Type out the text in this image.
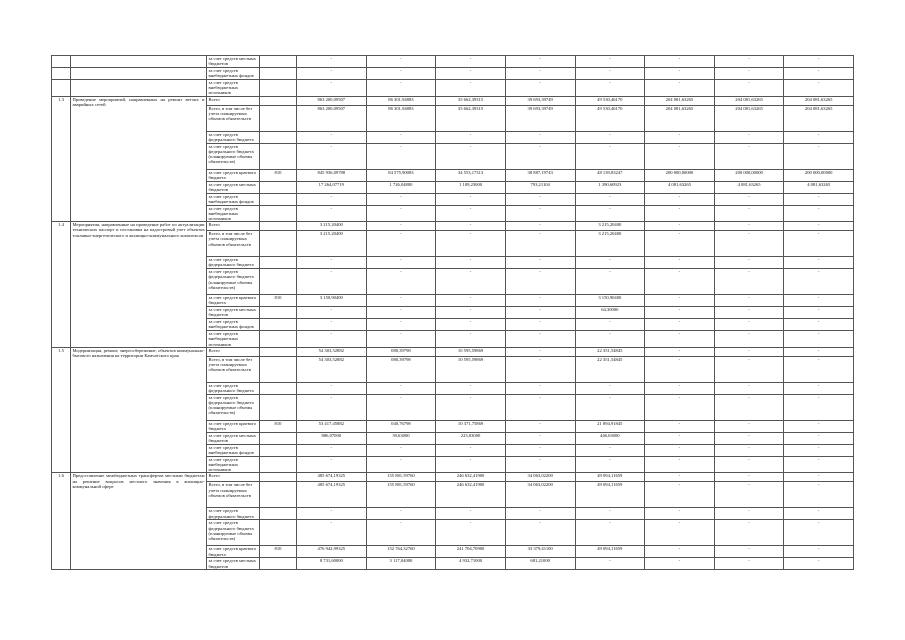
		за счет средств местных бюджетов		-	-	-	-	-	-	-	-
		за счет средств внебюджетных фондов		-	-	-	-	-	-	-	-
		за счет средств внебюджетных источников		-	-	-	-	-	-	-	-
1.3	Проведение мероприятий, направленных на ремонт ветхих и аварийных сетей	Всего		863 200,09507	86 301,94883	35 662,39315	39 693,39749	49 530,46170	204 081,63265	204 081,63265	204 081,63265
		Всего, в том числе без учета планируемых объемов обязательств		863 200,09507	86 301,94883	35 662,39315	39 693,39749	49 530,46170	204 081,63265	204 081,63265	204 081,63265
		за счет средств федерального бюджета		-	-	-	-	-	-	-	-
		за счет средств федерального бюджета (планируемые объемы обязательств)		-	-	-	-	-	-	-	-
		за счет средств краевого бюджета	810	845 936,09788	84 575,90083	34 553,17313	38 887,19743	48 139,83247	200 000,00000	200 000,00000	200 000,00000
		за счет средств местных бюджетов		17 264,07719	1 726,04800	1 109,23000	793,21104	1 390,60923	4 081,63265	4 081,63265	4 081,63265
		за счет средств внебюджетных фондов		-	-	-	-	-	-	-	-
		за счет средств внебюджетных источников		-	-	-	-	-	-	-	-
1.4	Мероприятия, направленные на проведение работ по актуализации технических паспорт и постановка на кадастровый учет объектов топливно-энергетического и жилищно-коммунального комплексов	Всего		3 215,20400	-	-	-	3 215,20400	-	-	-
		Всего, в том числе без учета планируемых объемов обязательств		3 215,20400	-	-	-	3 215,20400	-	-	-
		за счет средств федерального бюджета		-	-	-	-	-	-	-	-
		за счет средств федерального бюджета (планируемые объемы обязательств)		-	-	-	-	-	-	-	-
		за счет средств краевого бюджета	810	3 150,90400	-	-	-	3 150,90400	-	-	-
		за счет средств местных бюджетов		-	-	-	-	64,30000	-	-	-
		за счет средств внебюджетных фондов		-	-	-	-	-	-	-	-
		за счет средств внебюджетных источников		-	-	-	-	-	-	-	-
1.5	Модернизация, ремонт, энергосбережение, объектов коммунально-бытового назначения на территории Камчатского края	Всего		54 303,52882	080,39798	10 595,59869	-	22 351,54845	-	-	-
		Всего, в том числе без учета планируемых объемов обязательств		54 303,52882	080,39798	10 595,59869	-	22 351,54845	-	-	-
		за счет средств федерального бюджета		-	-	-	-	-	-	-	-
		за счет средств федерального бюджета (планируемые объемы обязательств)		-	-	-	-	-	-	-	-
		за счет средств краевого бюджета	810	53 417,45882	040,76798	10 371,75869	-	21 894,91845	-	-	-
		за счет средств местных бюджетов		886,07000	39,63000	223,83000	-	446,63000	-	-	-
		за счет средств внебюджетных фондов		-	-	-	-	-	-	-	-
		за счет средств внебюджетных источников		-	-	-	-	-	-	-	-
1.6	Предоставление межбюджетных трансфертов местным бюджетам на решение вопросов местного значения в жилищно-коммунальной сфере	Всего		485 674,19325	155 881,59760	246 632,41900	34 063,02200	49 094,11659	-	-	-
		Всего, в том числе без учета планируемых объемов обязательств		485 674,19325	155 881,59760	246 632,41900	34 063,02200	49 094,11659	-	-	-
		за счет средств федерального бюджета		-	-	-	-	-	-	-	-
		за счет средств федерального бюджета (планируемые объемы обязательств)		-	-	-	-	-	-	-	-
		за счет средств краевого бюджета	810	476 942,99325	152 764,32760	241 704,70900	33 379,41100	49 094,11659	-	-	-
		за счет средств местных бюджетов		8 731,60000	3 117,04000	4 932,71000	681,21000	-	-	-	-
